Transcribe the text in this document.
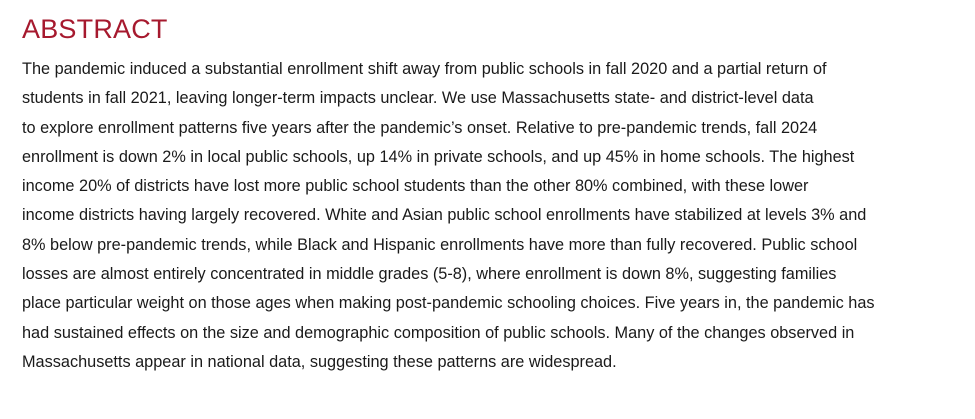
ABSTRACT

The pandemic induced a substantial enrollment shift away from public schools in fall 2020 and a partial return of
students in fall 2021, leaving longer-term impacts unclear. We use Massachusetts state- and district-level data
to explore enrollment patterns five years after the pandemic’s onset. Relative to pre-pandemic trends, fall 2024
enrollment is down 2% in local public schools, up 14% in private schools, and up 45% in home schools. The highest
income 20% of districts have lost more public school students than the other 80% combined, with these lower
income districts having largely recovered. White and Asian public school enrollments have stabilized at levels 3% and
8% below pre-pandemic trends, while Black and Hispanic enrollments have more than fully recovered. Public school
losses are almost entirely concentrated in middle grades (5-8), where enrollment is down 8%, suggesting families
place particular weight on those ages when making post-pandemic schooling choices. Five years in, the pandemic has
had sustained effects on the size and demographic composition of public schools. Many of the changes observed in
Massachusetts appear in national data, suggesting these patterns are widespread.
